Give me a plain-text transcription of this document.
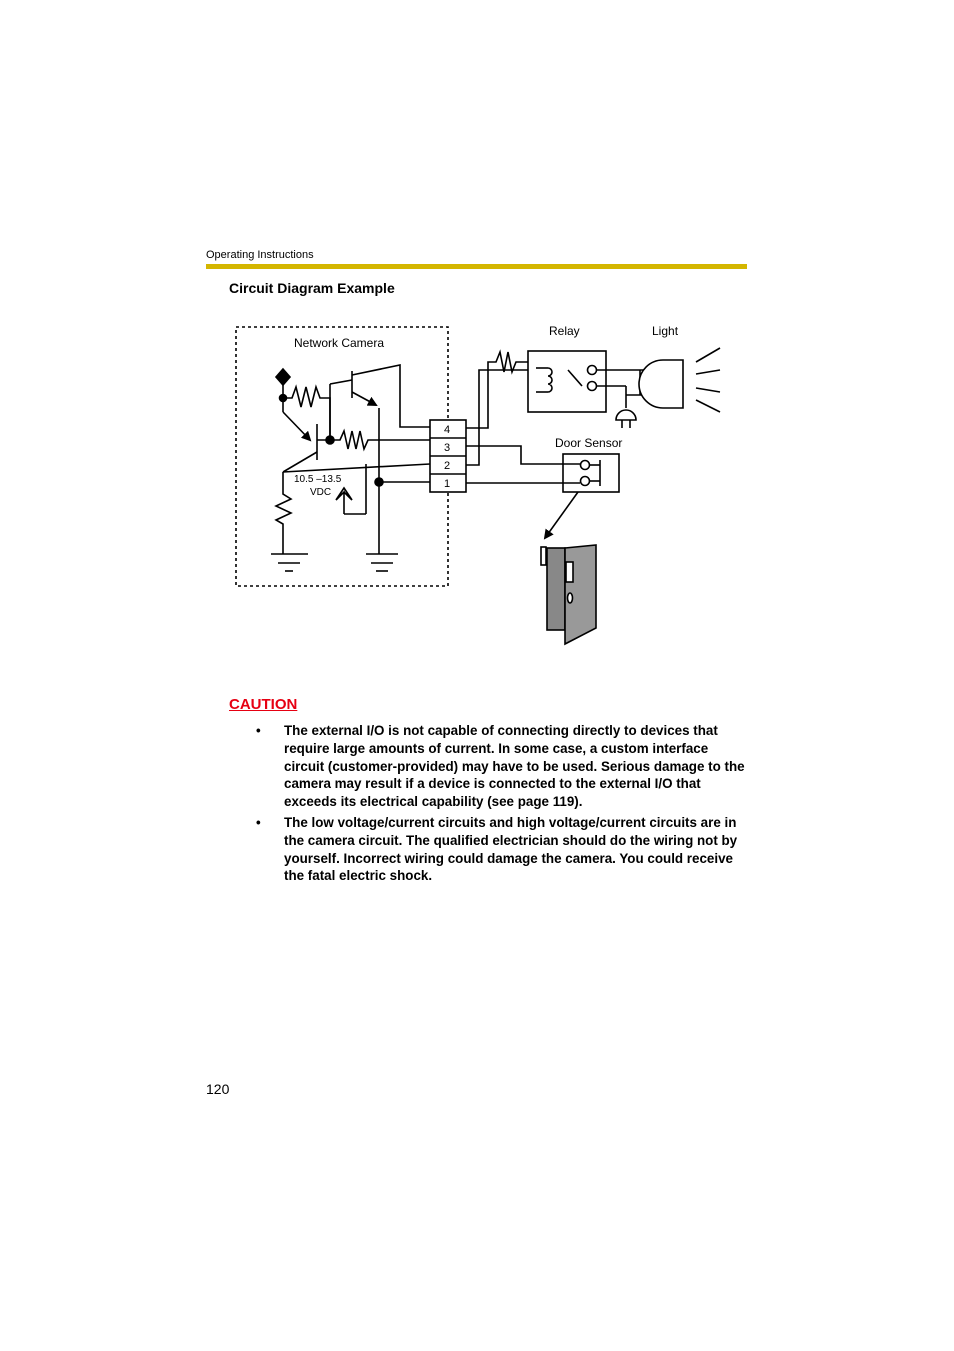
Operating Instructions
Circuit Diagram Example
Network Camera
Relay	Light
Door Sensor
10.5 –13.5
VDC
4
3
2
1
CAUTION
• The external I/O is not capable of connecting directly to devices that require large amounts of current. In some case, a custom interface circuit (customer-provided) may have to be used. Serious damage to the camera may result if a device is connected to the external I/O that exceeds its electrical capability (see page 119).
• The low voltage/current circuits and high voltage/current circuits are in the camera circuit. The qualified electrician should do the wiring not by yourself. Incorrect wiring could damage the camera. You could receive the fatal electric shock.
120
